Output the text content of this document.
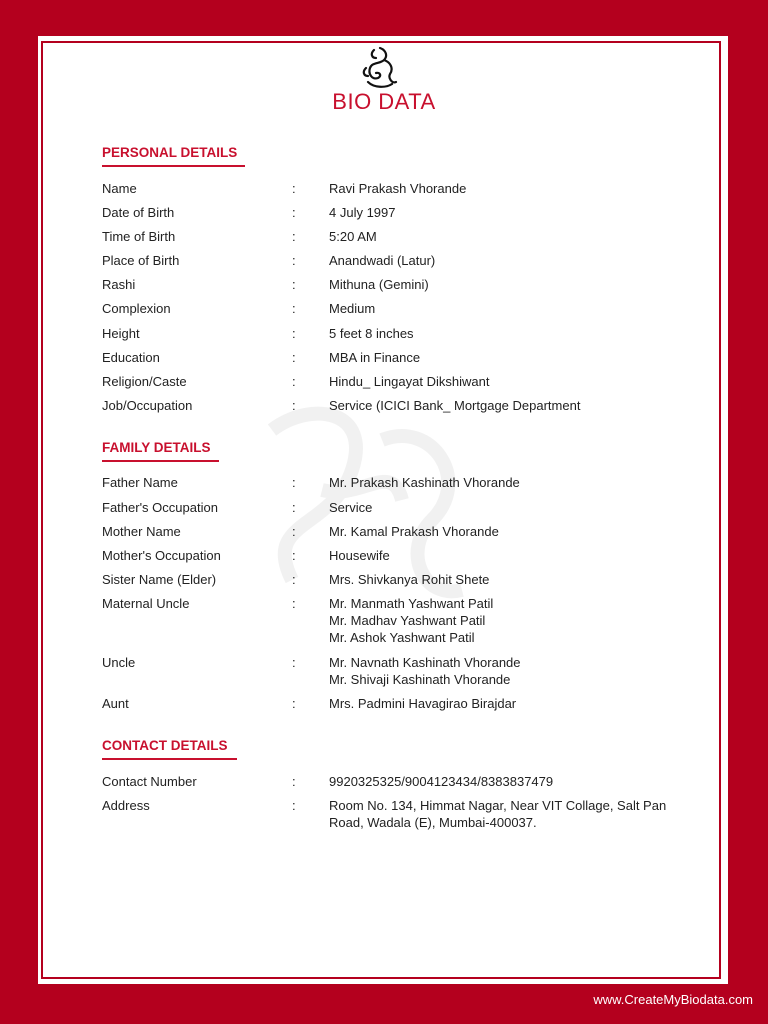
BIO DATA
PERSONAL DETAILS
Name	:	Ravi Prakash Vhorande
Date of Birth	:	4 July 1997
Time of Birth	:	5:20 AM
Place of Birth	:	Anandwadi (Latur)
Rashi	:	Mithuna (Gemini)
Complexion	:	Medium
Height	:	5 feet 8 inches
Education	:	MBA in Finance
Religion/Caste	:	Hindu_ Lingayat Dikshiwant
Job/Occupation	:	Service (ICICI Bank_ Mortgage Department
FAMILY DETAILS
Father Name	:	Mr. Prakash Kashinath Vhorande
Father's Occupation	:	Service
Mother Name	:	Mr. Kamal Prakash Vhorande
Mother's Occupation	:	Housewife
Sister Name (Elder)	:	Mrs. Shivkanya Rohit Shete
Maternal Uncle	:	Mr. Manmath Yashwant Patil
Mr. Madhav Yashwant Patil
Mr. Ashok Yashwant Patil
Uncle	:	Mr. Navnath Kashinath Vhorande
Mr. Shivaji Kashinath Vhorande
Aunt	:	Mrs. Padmini Havagirao Birajdar
CONTACT DETAILS
Contact Number	:	9920325325/9004123434/8383837479
Address	:	Room No. 134, Himmat Nagar, Near VIT Collage, Salt Pan
Road, Wadala (E), Mumbai-400037.
www.CreateMyBiodata.com
